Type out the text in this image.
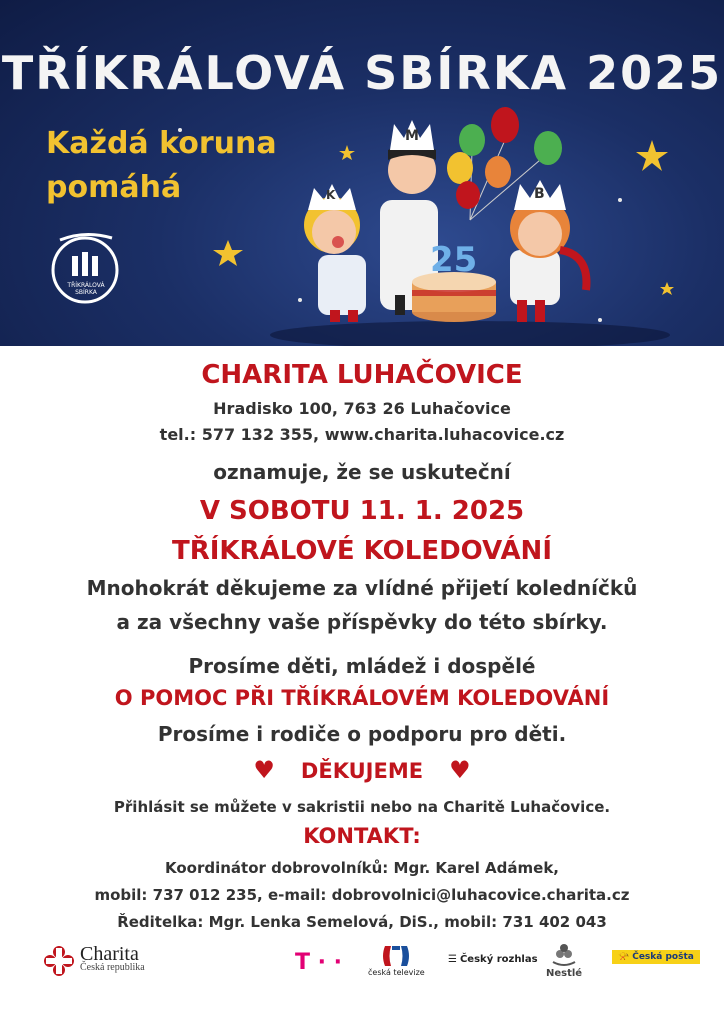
TŘÍKRÁLOVÁ SBÍRKA 2025
Každá koruna
pomáhá
TŘÍKRÁLOVÁ
SBÍRKA
K
M
B
25
CHARITA LUHAČOVICE
Hradisko 100, 763 26 Luhačovice
tel.: 577 132 355, www.charita.luhacovice.cz
oznamuje, že se uskuteční
V SOBOTU 11. 1. 2025
TŘÍKRÁLOVÉ KOLEDOVÁNÍ
Mnohokrát děkujeme za vlídné přijetí koledníčků
a za všechny vaše příspěvky do této sbírky.
Prosíme děti, mládež i dospělé
O POMOC PŘI TŘÍKRÁLOVÉM KOLEDOVÁNÍ
Prosíme i rodiče o podporu pro děti.
♥ DĚKUJEME ♥
Přihlásit se můžete v sakristii nebo na Charitě Luhačovice.
KONTAKT:
Koordinátor dobrovolníků: Mgr. Karel Adámek,
mobil: 737 012 235, e-mail: dobrovolnici@luhacovice.charita.cz
Ředitelka: Mgr. Lenka Semelová, DiS., mobil: 731 402 043
Charita
Česká republika	T · ·	česká televize
☰ Český rozhlas
Nestlé
📯 Česká pošta
